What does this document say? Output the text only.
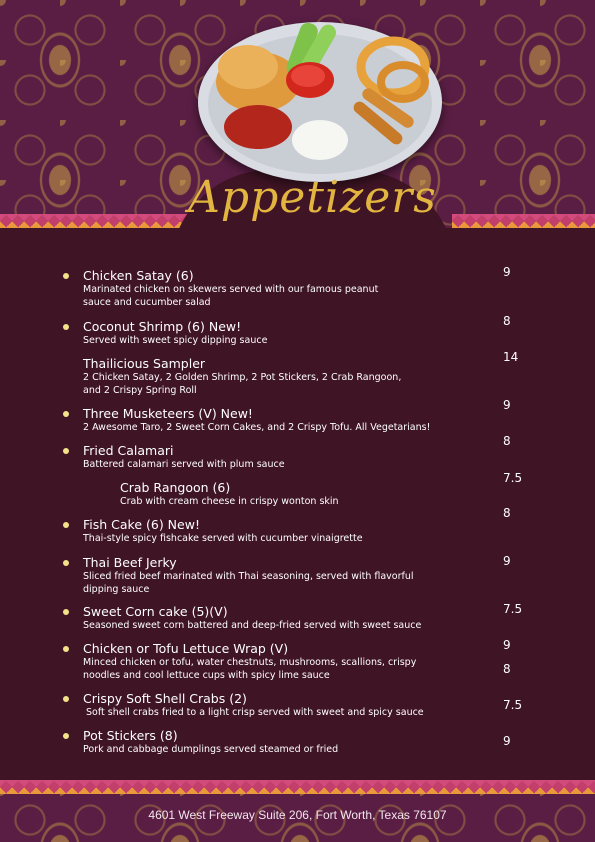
Appetizers
Chicken Satay (6)
Marinated chicken on skewers served with our famous peanut
sauce and cucumber salad
Coconut Shrimp (6) New!
Served with sweet spicy dipping sauce
Thailicious Sampler
2 Chicken Satay, 2 Golden Shrimp, 2 Pot Stickers, 2 Crab Rangoon,
and 2 Crispy Spring Roll
Three Musketeers (V) New!
2 Awesome Taro, 2 Sweet Corn Cakes, and 2 Crispy Tofu. All Vegetarians!
Fried Calamari
Battered calamari served with plum sauce
Crab Rangoon (6)
Crab with cream cheese in crispy wonton skin
Fish Cake (6) New!
Thai-style spicy fishcake served with cucumber vinaigrette
Thai Beef Jerky
Sliced fried beef marinated with Thai seasoning, served with flavorful
dipping sauce
Sweet Corn cake (5)(V)
Seasoned sweet corn battered and deep-fried served with sweet sauce
Chicken or Tofu Lettuce Wrap (V)
Minced chicken or tofu, water chestnuts, mushrooms, scallions, crispy
noodles and cool lettuce cups with spicy lime sauce
Crispy Soft Shell Crabs (2)
Soft shell crabs fried to a light crisp served with sweet and spicy sauce
Pot Stickers (8)
Pork and cabbage dumplings served steamed or fried
9
8
14
9
8
7.5
8
9
7.5
9
8
7.5
9
4601 West Freeway Suite 206, Fort Worth, Texas 76107
